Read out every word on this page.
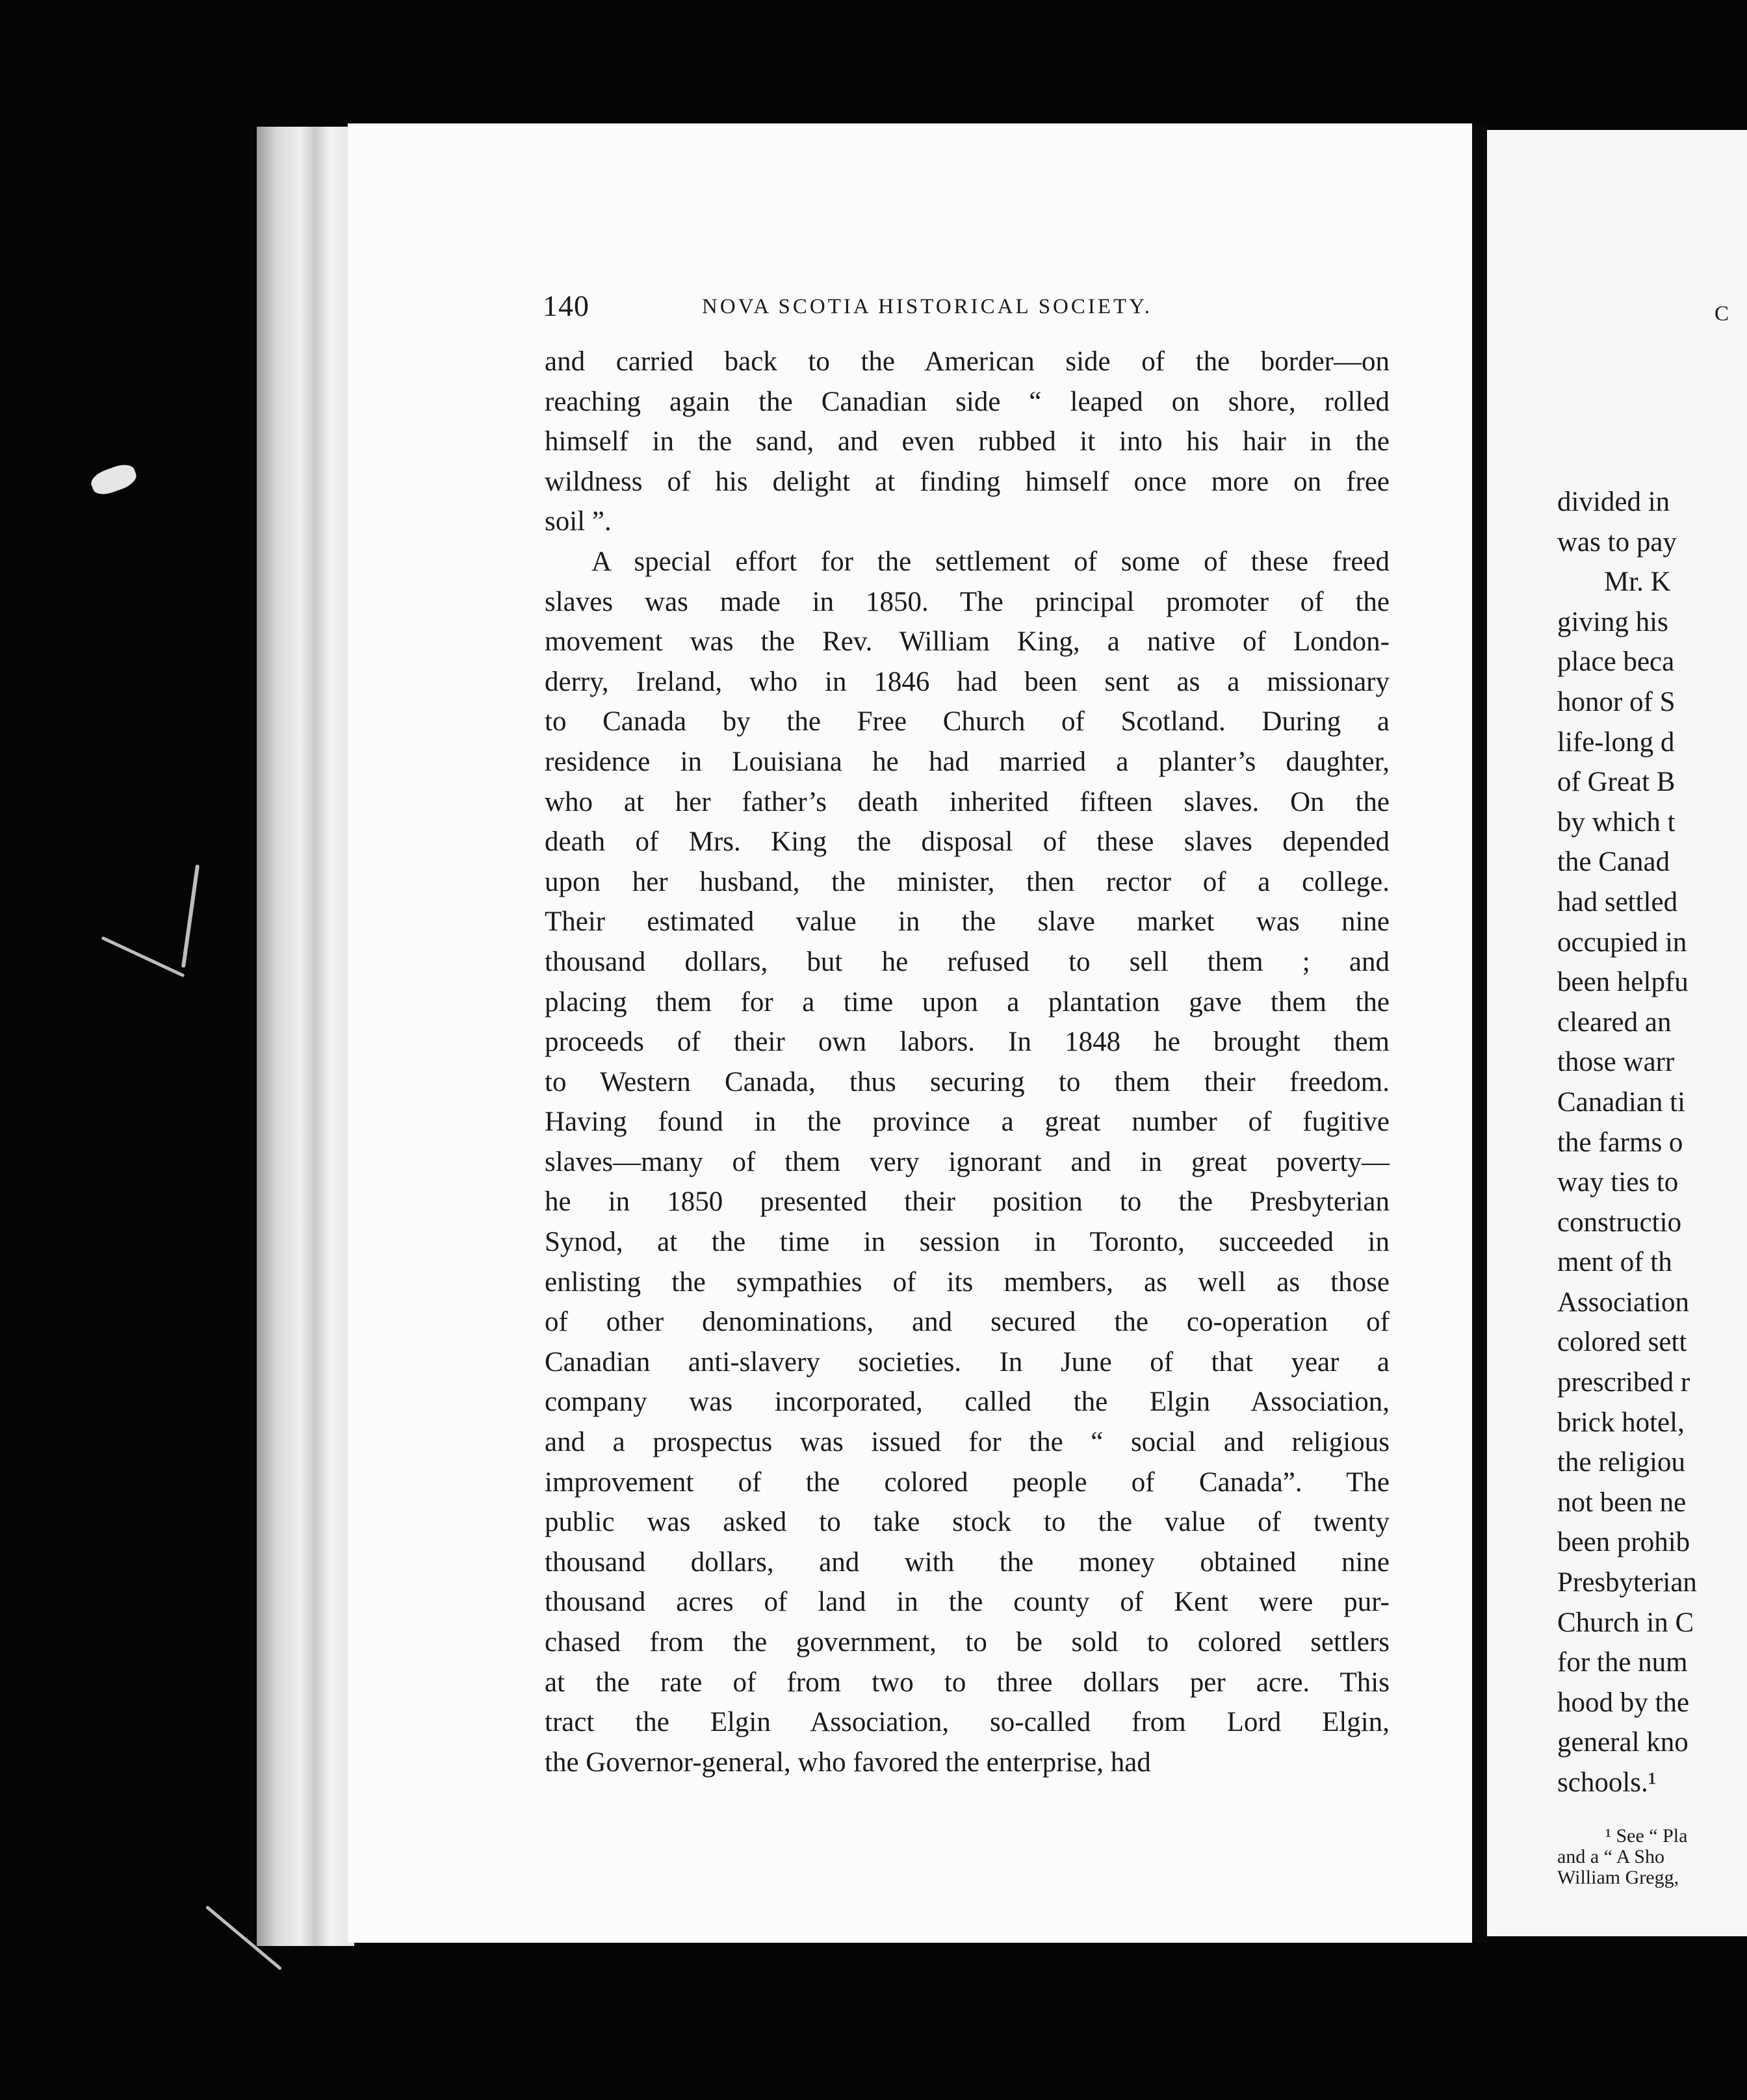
140	NOVA SCOTIA HISTORICAL SOCIETY.
and carried back to the American side of the border—on
reaching again the Canadian side “ leaped on shore, rolled
himself in the sand, and even rubbed it into his hair in the
wildness of his delight at finding himself once more on free
soil ”.
A special effort for the settlement of some of these freed
slaves was made in 1850. The principal promoter of the
movement was the Rev. William King, a native of London-
derry, Ireland, who in 1846 had been sent as a missionary
to Canada by the Free Church of Scotland. During a
residence in Louisiana he had married a planter’s daughter,
who at her father’s death inherited fifteen slaves. On the
death of Mrs. King the disposal of these slaves depended
upon her husband, the minister, then rector of a college.
Their estimated value in the slave market was nine
thousand dollars, but he refused to sell them ; and
placing them for a time upon a plantation gave them the
proceeds of their own labors. In 1848 he brought them
to Western Canada, thus securing to them their freedom.
Having found in the province a great number of fugitive
slaves—many of them very ignorant and in great poverty—
he in 1850 presented their position to the Presbyterian
Synod, at the time in session in Toronto, succeeded in
enlisting the sympathies of its members, as well as those
of other denominations, and secured the co-operation of
Canadian anti-slavery societies. In June of that year a
company was incorporated, called the Elgin Association,
and a prospectus was issued for the “ social and religious
improvement of the colored people of Canada”. The
public was asked to take stock to the value of twenty
thousand dollars, and with the money obtained nine
thousand acres of land in the county of Kent were pur-
chased from the government, to be sold to colored settlers
at the rate of from two to three dollars per acre. This
tract the Elgin Association, so-called from Lord Elgin,
the Governor-general, who favored the enterprise, had
C
divided in
was to pay
Mr. K
giving his
place beca
honor of S
life-long d
of Great B
by which t
the Canad
had settled
occupied in
been helpfu
cleared an
those warr
Canadian ti
the farms o
way ties to
constructio
ment of th
Association
colored sett
prescribed r
brick hotel,
the religiou
not been ne
been prohib
Presbyterian
Church in C
for the num
hood by the
general kno
schools.¹
¹ See “ Pla
and a “ A Sho
William Gregg,
